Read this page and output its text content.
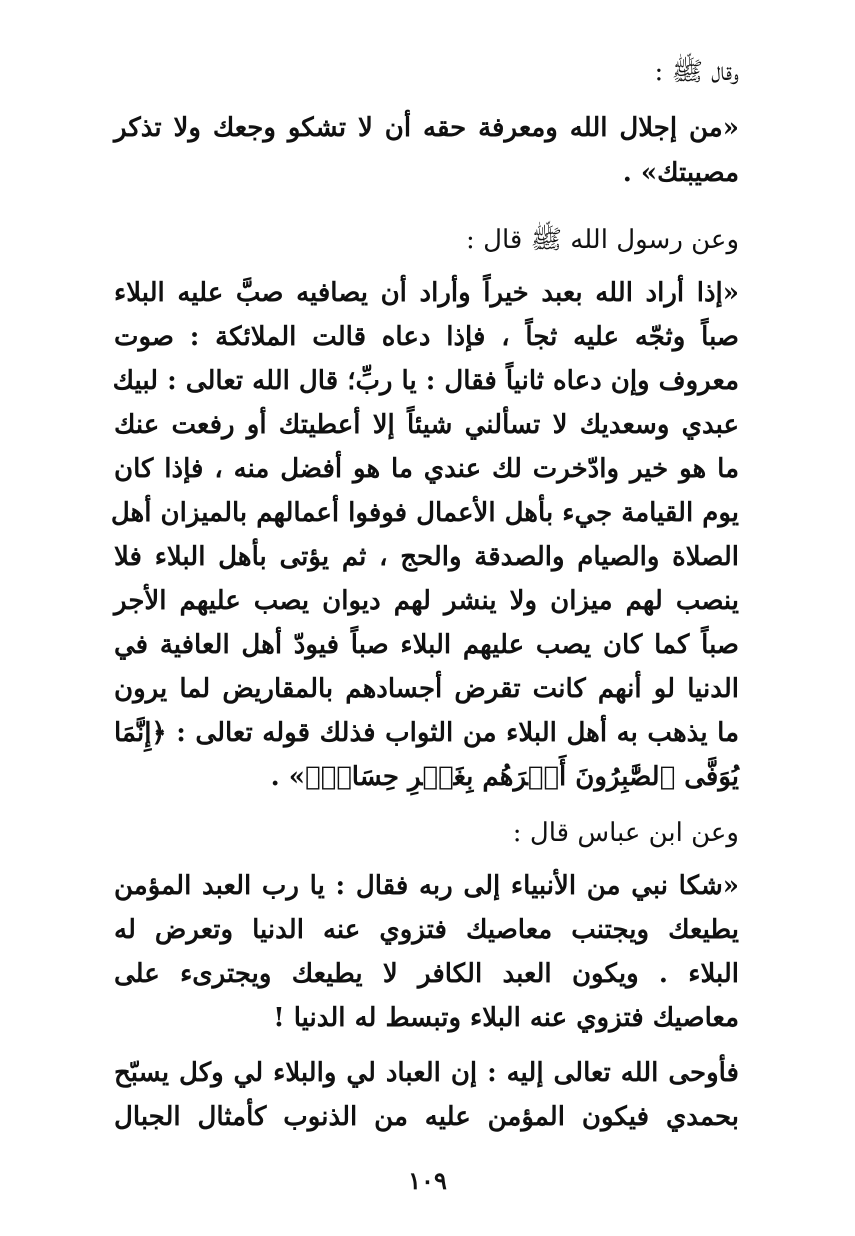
وقال ﷺ :
«من إجلال الله ومعرفة حقه أن لا تشكو وجعك ولا تذكر
مصيبتك» .
وعن رسول الله ﷺ قال :
«إذا أراد الله بعبد خيراً وأراد أن يصافيه صبَّ عليه البلاء
صباً وثجّه عليه ثجاً ، فإذا دعاه قالت الملائكة : صوت
معروف وإن دعاه ثانياً فقال : يا ربِّ؛ قال الله تعالى : لبيك
عبدي وسعديك لا تسألني شيئاً إلا أعطيتك أو رفعت عنك
ما هو خير وادّخرت لك عندي ما هو أفضل منه ، فإذا كان
يوم القيامة جيء بأهل الأعمال فوفوا أعمالهم بالميزان أهل
الصلاة والصيام والصدقة والحج ، ثم يؤتى بأهل البلاء فلا
ينصب لهم ميزان ولا ينشر لهم ديوان يصب عليهم الأجر
صباً كما كان يصب عليهم البلاء صباً فيودّ أهل العافية في
الدنيا لو أنهم كانت تقرض أجسادهم بالمقاريض لما يرون
ما يذهب به أهل البلاء من الثواب فذلك قوله تعالى : ﴿إِنَّمَا
يُوَفَّى ٱلصَّٰبِرُونَ أَجۡرَهُم بِغَيۡرِ حِسَابٖ﴾» .
وعن ابن عباس قال :
«شكا نبي من الأنبياء إلى ربه فقال : يا رب العبد المؤمن
يطيعك ويجتنب معاصيك فتزوي عنه الدنيا وتعرض له
البلاء . ويكون العبد الكافر لا يطيعك ويجترىء على
معاصيك فتزوي عنه البلاء وتبسط له الدنيا !
فأوحى الله تعالى إليه : إن العباد لي والبلاء لي وكل يسبّح
بحمدي فيكون المؤمن عليه من الذنوب كأمثال الجبال
١٠٩
